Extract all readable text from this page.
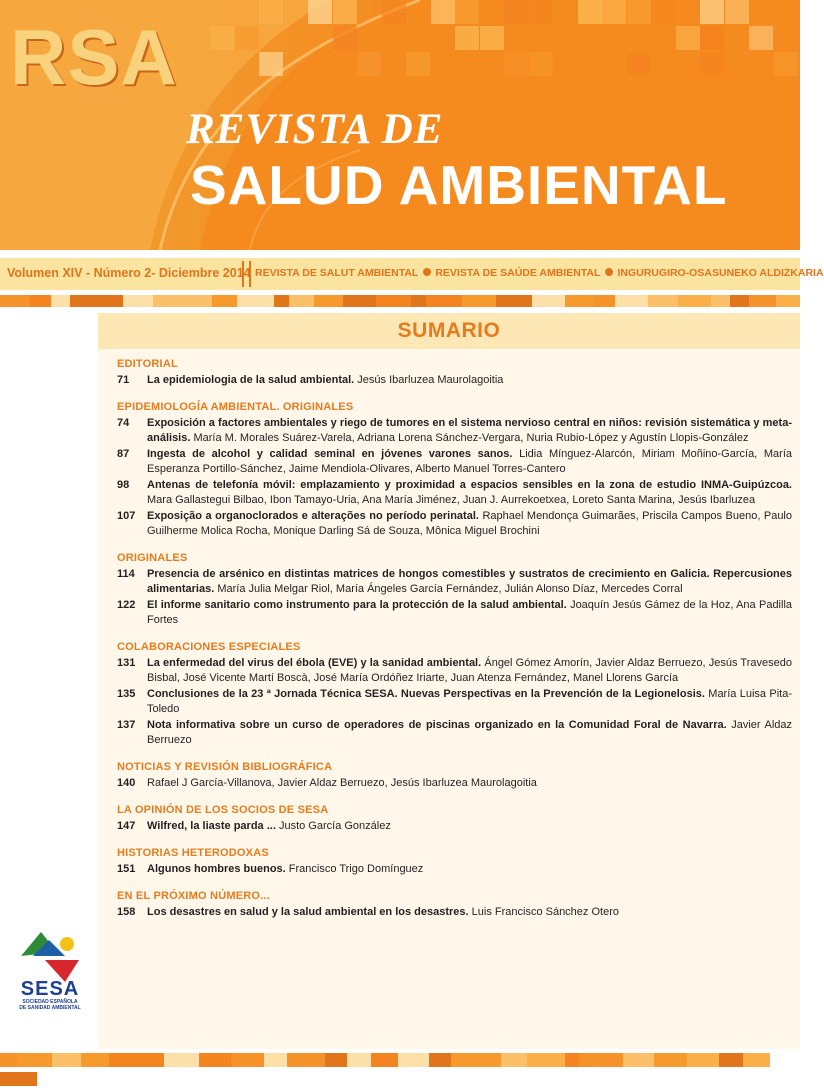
RSA
REVISTA DE
SALUD AMBIENTAL
Volumen XIV - Número 2- Diciembre 2014 REVISTA DE SALUT AMBIENTAL REVISTA DE SAÚDE AMBIENTAL INGURUGIRO-OSASUNEKO ALDIZKARIA
SUMARIO
EDITORIAL
71	La epidemiologia de la salud ambiental. Jesús Ibarluzea Maurolagoitia
EPIDEMIOLOGÍA AMBIENTAL. ORIGINALES
74	Exposición a factores ambientales y riego de tumores en el sistema nervioso central en niños: revisión sistemática y meta-análisis. María M. Morales Suárez-Varela, Adriana Lorena Sánchez-Vergara, Nuria Rubio-López y Agustín Llopis-González
87	Ingesta de alcohol y calidad seminal en jóvenes varones sanos. Lidia Mínguez-Alarcón, Miriam Moñino-García, María Esperanza Portillo-Sánchez, Jaime Mendiola-Olivares, Alberto Manuel Torres-Cantero
98	Antenas de telefonía móvil: emplazamiento y proximidad a espacios sensibles en la zona de estudio INMA-Guipúzcoa. Mara Gallastegui Bilbao, Ibon Tamayo-Uria, Ana María Jiménez, Juan J. Aurrekoetxea, Loreto Santa Marina, Jesús Ibarluzea
107	Exposição a organoclorados e alterações no período perinatal. Raphael Mendonça Guimarães, Priscila Campos Bueno, Paulo Guilherme Molica Rocha, Monique Darling Sá de Souza, Mônica Miguel Brochini
ORIGINALES
114	Presencia de arsénico en distintas matrices de hongos comestibles y sustratos de crecimiento en Galicia. Repercusiones alimentarias. María Julia Melgar Riol, María Ángeles García Fernández, Julián Alonso Díaz, Mercedes Corral
122	El informe sanitario como instrumento para la protección de la salud ambiental. Joaquín Jesús Gámez de la Hoz, Ana Padilla Fortes
COLABORACIONES ESPECIALES
131	La enfermedad del virus del ébola (EVE) y la sanidad ambiental. Ángel Gómez Amorín, Javier Aldaz Berruezo, Jesús Travesedo Bisbal, José Vicente Martí Boscà, José María Ordóñez Iriarte, Juan Atenza Fernández, Manel Llorens García
135	Conclusiones de la 23 ª Jornada Técnica SESA. Nuevas Perspectivas en la Prevención de la Legionelosis. María Luisa Pita-Toledo
137	Nota informativa sobre un curso de operadores de piscinas organizado en la Comunidad Foral de Navarra. Javier Aldaz Berruezo
NOTICIAS Y REVISIÓN BIBLIOGRÁFICA
140	Rafael J García-Villanova, Javier Aldaz Berruezo, Jesús Ibarluzea Maurolagoitia
LA OPINIÓN DE LOS SOCIOS DE SESA
147	Wilfred, la liaste parda ... Justo García González
HISTORIAS HETERODOXAS
151	Algunos hombres buenos. Francisco Trigo Domínguez
EN EL PRÓXIMO NÚMERO...
158	Los desastres en salud y la salud ambiental en los desastres. Luis Francisco Sánchez Otero
SESA
SOCIEDAD ESPAÑOLA
DE SANIDAD AMBIENTAL
